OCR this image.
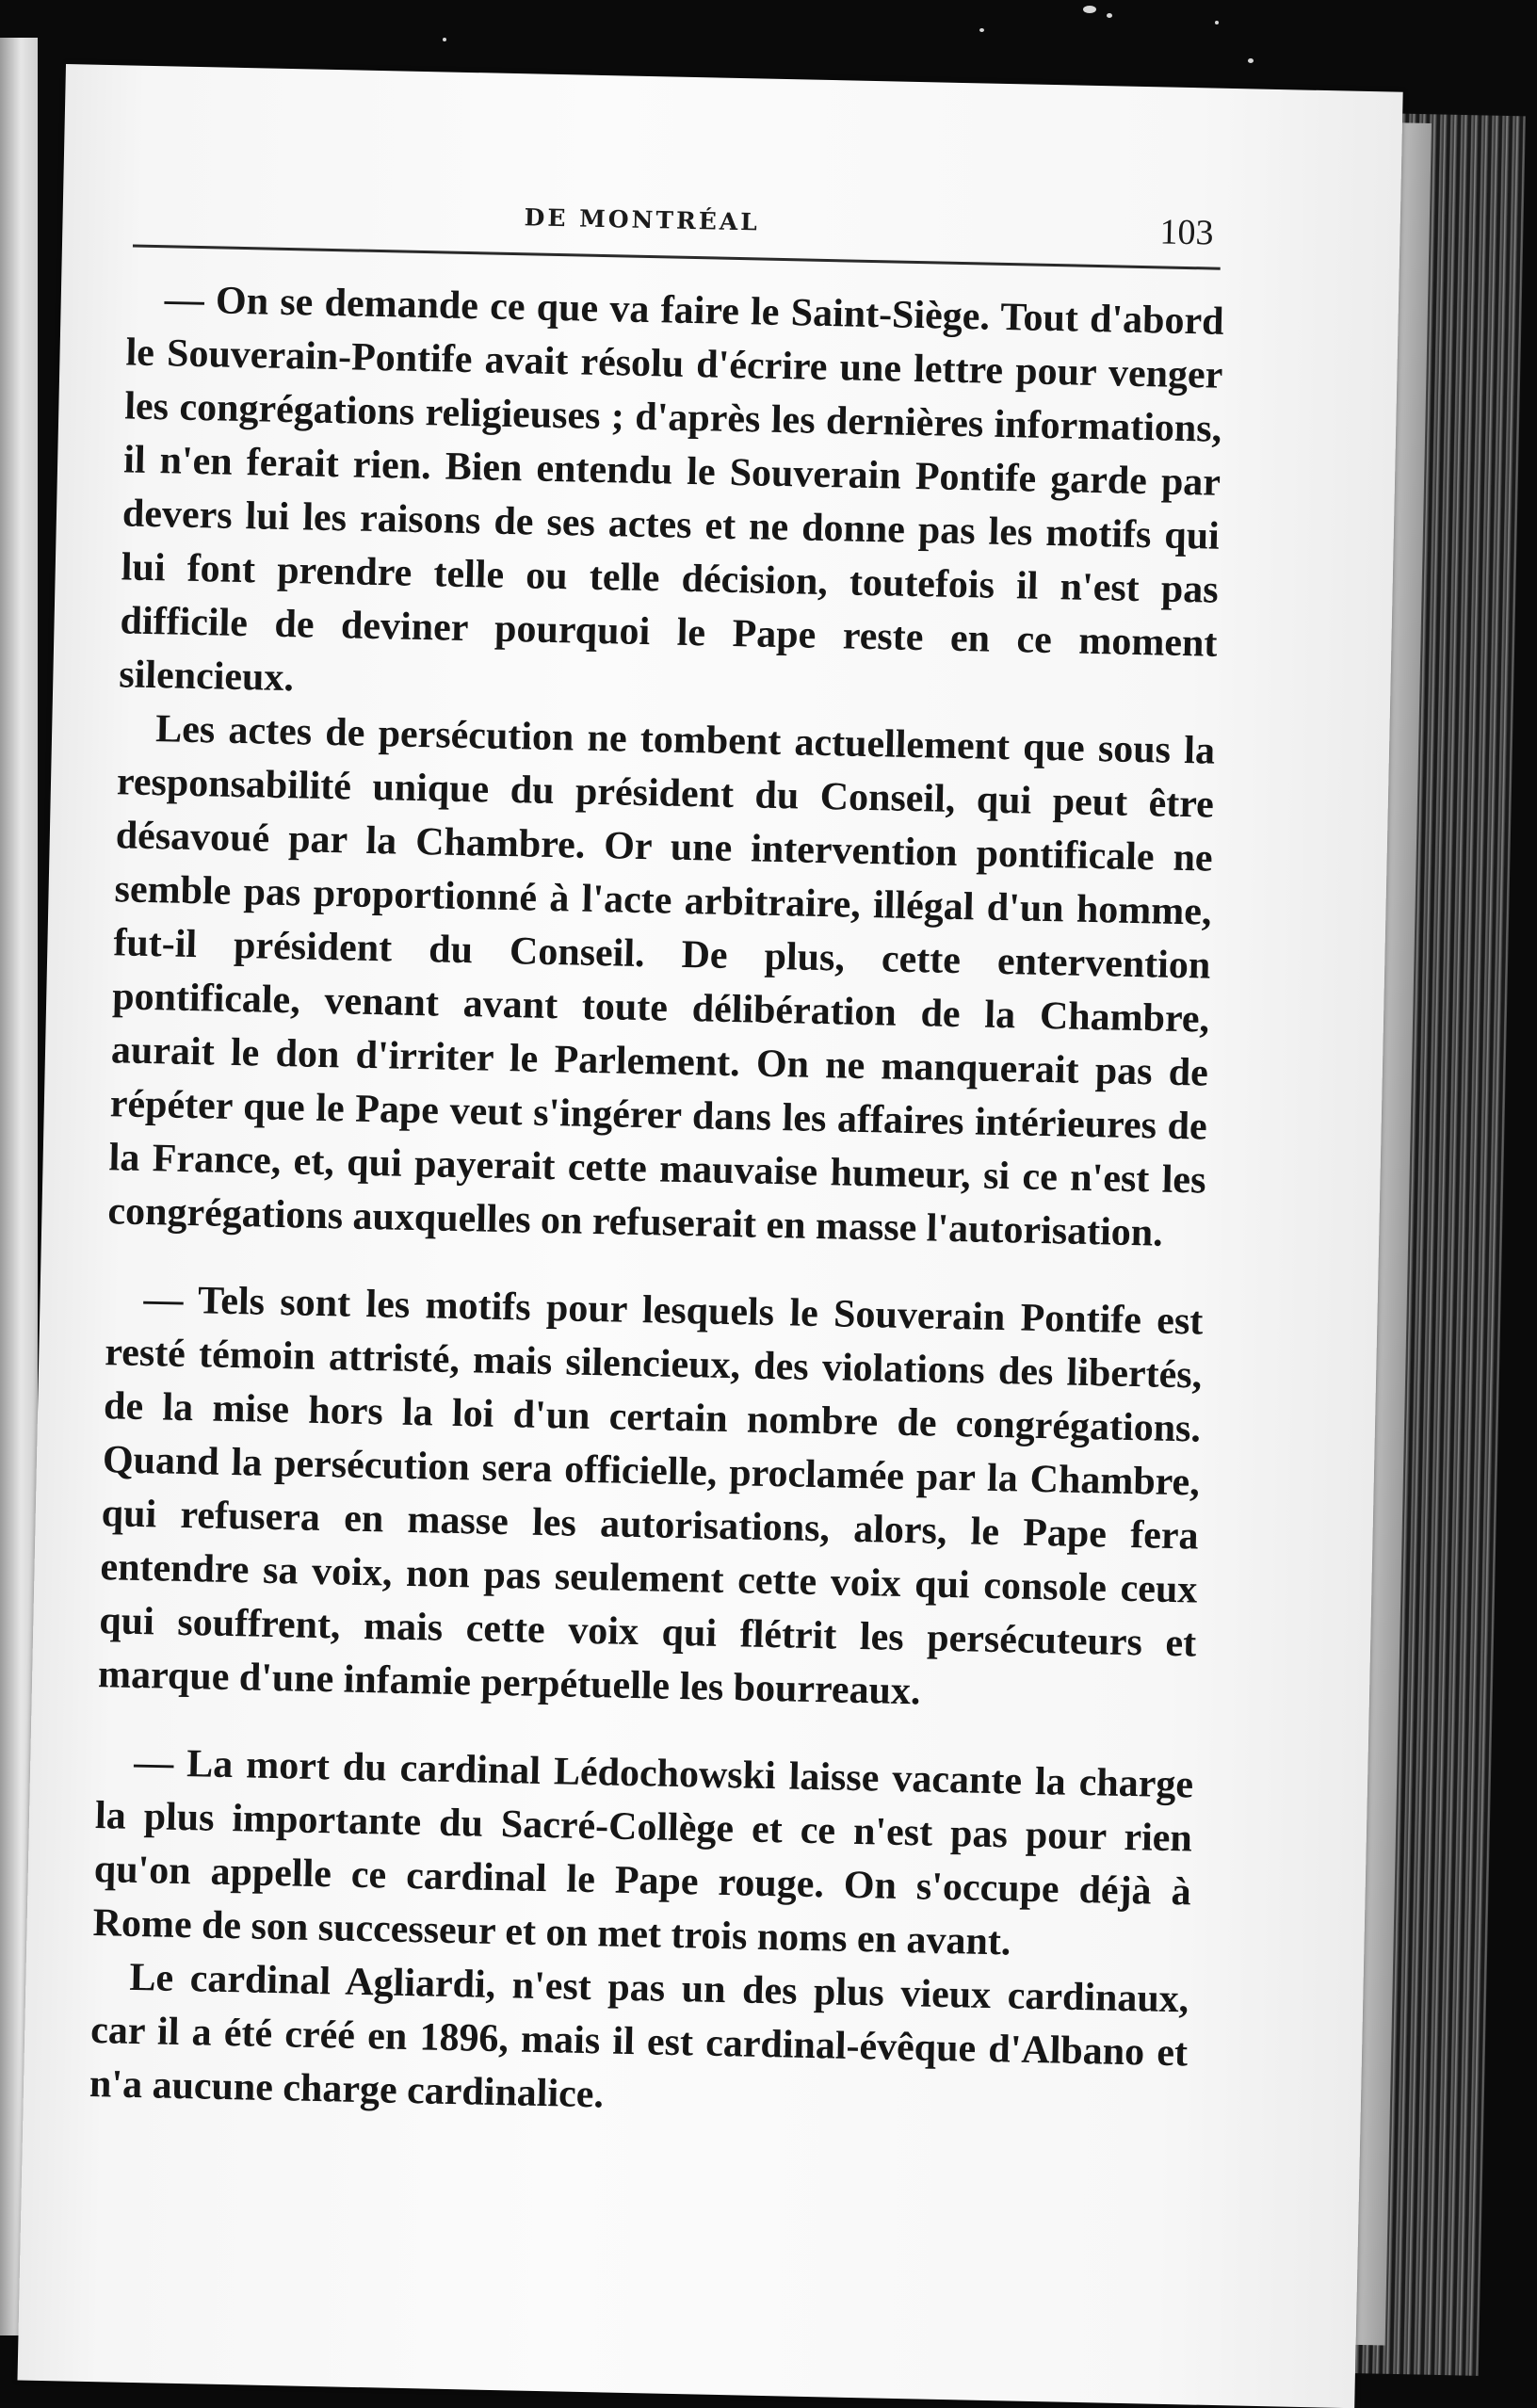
DE MONTRÉAL	103

— On se demande ce que va faire le Saint-Siège. Tout d'abord le Souverain-Pontife avait résolu d'écrire une lettre pour venger les congrégations religieuses ; d'après les dernières informations, il n'en ferait rien. Bien entendu le Souverain Pontife garde par devers lui les raisons de ses actes et ne donne pas les motifs qui lui font prendre telle ou telle décision, toutefois il n'est pas difficile de deviner pourquoi le Pape reste en ce moment silencieux.

Les actes de persécution ne tombent actuellement que sous la responsabilité unique du président du Conseil, qui peut être désavoué par la Chambre. Or une intervention pontificale ne semble pas proportionné à l'acte arbitraire, illégal d'un homme, fut-il président du Conseil. De plus, cette entervention pontificale, venant avant toute délibération de la Chambre, aurait le don d'irriter le Parlement. On ne manquerait pas de répéter que le Pape veut s'ingérer dans les affaires intérieures de la France, et, qui payerait cette mauvaise humeur, si ce n'est les congrégations auxquelles on refuserait en masse l'autorisation.

— Tels sont les motifs pour lesquels le Souverain Pontife est resté témoin attristé, mais silencieux, des violations des libertés, de la mise hors la loi d'un certain nombre de congrégations. Quand la persécution sera officielle, proclamée par la Chambre, qui refusera en masse les autorisations, alors, le Pape fera entendre sa voix, non pas seulement cette voix qui console ceux qui souffrent, mais cette voix qui flétrit les persécuteurs et marque d'une infamie perpétuelle les bourreaux.

— La mort du cardinal Lédochowski laisse vacante la charge la plus importante du Sacré-Collège et ce n'est pas pour rien qu'on appelle ce cardinal le Pape rouge. On s'occupe déjà à Rome de son successeur et on met trois noms en avant.

Le cardinal Agliardi, n'est pas un des plus vieux cardinaux, car il a été créé en 1896, mais il est cardinal-évêque d'Albano et n'a aucune charge cardinalice.
